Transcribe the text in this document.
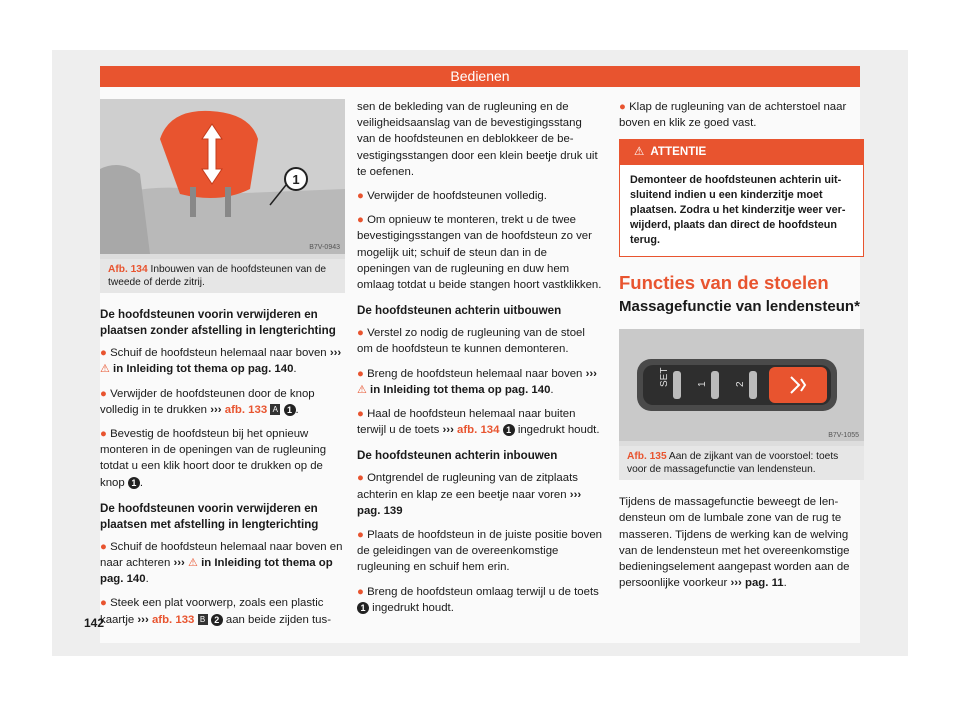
Bedienen
1
B7V-0943
Afb. 134 Inbouwen van de hoofdsteunen van de tweede of derde zitrij.
De hoofdsteunen voorin verwijderen en plaatsen zonder afstelling in lengterichting

● Schuif de hoofdsteun helemaal naar boven ››› ⚠ in Inleiding tot thema op pag. 140.

● Verwijder de hoofdsteunen door de knop volledig in te drukken ››› afb. 133 A 1 .

● Bevestig de hoofdsteun bij het opnieuw monteren in de openingen van de rugleuning totdat u een klik hoort door te drukken op de knop 1 .

De hoofdsteunen voorin verwijderen en plaatsen met afstelling in lengterichting

● Schuif de hoofdsteun helemaal naar boven en naar achteren ››› ⚠ in Inleiding tot thema op pag. 140.

● Steek een plat voorwerp, zoals een plastic kaartje ››› afb. 133 B 2 aan beide zijden tus-

sen de bekleding van de rugleuning en de veiligheidsaanslag van de bevestigingsstang van de hoofdsteunen en deblokkeer de bevestigingsstangen door een klein beetje druk uit te oefenen.

● Verwijder de hoofdsteunen volledig.

● Om opnieuw te monteren, trekt u de twee bevestigingsstangen van de hoofdsteun zo ver mogelijk uit; schuif de steun dan in de openingen van de rugleuning en duw hem omlaag totdat u beide stangen hoort vastklikken.

De hoofdsteunen achterin uitbouwen

● Verstel zo nodig de rugleuning van de stoel om de hoofdsteun te kunnen demonteren.

● Breng de hoofdsteun helemaal naar boven ››› ⚠ in Inleiding tot thema op pag. 140.

● Haal de hoofdsteun helemaal naar buiten terwijl u de toets ››› afb. 134 1 ingedrukt houdt.

De hoofdsteunen achterin inbouwen

● Ontgrendel de rugleuning van de zitplaats achterin en klap ze een beetje naar voren ››› pag. 139

● Plaats de hoofdsteun in de juiste positie boven de geleidingen van de overeenkomstige rugleuning en schuif hem erin.

● Breng de hoofdsteun omlaag terwijl u de toets 1 ingedrukt houdt.

● Klap de rugleuning van de achterstoel naar boven en klik ze goed vast.

⚠ ATTENTIE
Demonteer de hoofdsteunen achterin uitsluitend indien u een kinderzitje moet plaatsen. Zodra u het kinderzitje weer verwijderd, plaats dan direct de hoofdsteun terug.
Functies van de stoelen
Massagefunctie van lendensteun*
SET	1	2
B7V-1055
Afb. 135 Aan de zijkant van de voorstoel: toets voor de massagefunctie van lendensteun.

Tijdens de massagefunctie beweegt de lendensteun om de lumbale zone van de rug te masseren. Tijdens de werking kan de welving van de lendensteun met het overeenkomstige bedieningselement aangepast worden aan de persoonlijke voorkeur ››› pag. 11.

142
